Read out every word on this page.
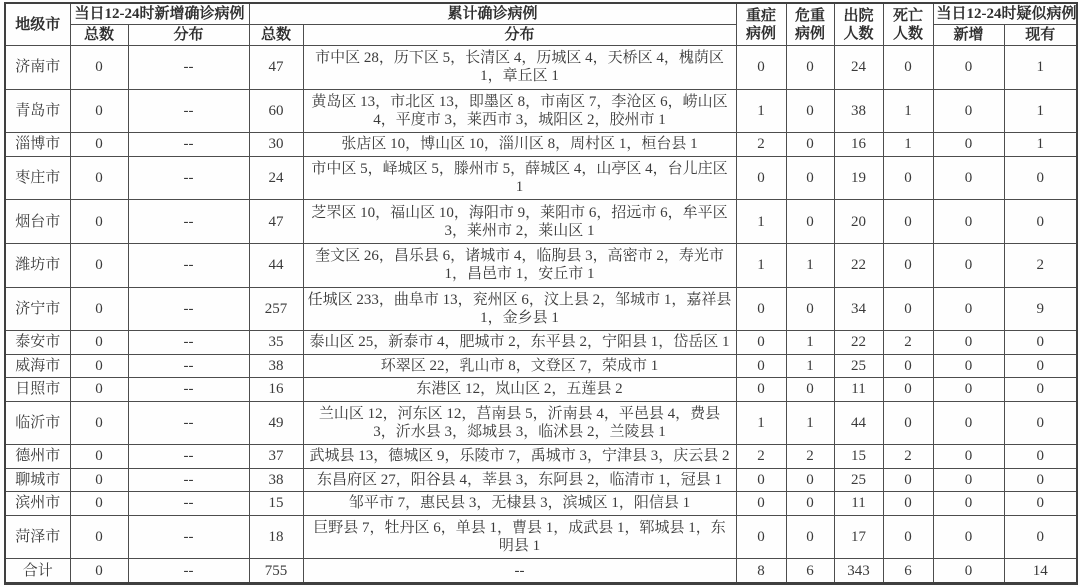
地级市	当日12-24时新增确诊病例		累计确诊病例		重症病例	危重病例	出院人数	死亡人数	当日12-24时疑似病例	
	总数	分布	总数	分布					新增	现有
济南市	0	--	47	市中区 28，历下区 5，长清区 4，历城区 4，天桥区 4，槐荫区 1，章丘区 1	0	0	24	0	0	1
青岛市	0	--	60	黄岛区 13，市北区 13，即墨区 8，市南区 7，李沧区 6，崂山区 4，平度市 3，莱西市 3，城阳区 2，胶州市 1	1	0	38	1	0	1
淄博市	0	--	30	张店区 10，博山区 10，淄川区 8，周村区 1，桓台县 1	2	0	16	1	0	1
枣庄市	0	--	24	市中区 5，峄城区 5，滕州市 5，薛城区 4，山亭区 4，台儿庄区 1	0	0	19	0	0	0
烟台市	0	--	47	芝罘区 10，福山区 10，海阳市 9，莱阳市 6，招远市 6，牟平区 3，莱州市 2，莱山区 1	1	0	20	0	0	0
潍坊市	0	--	44	奎文区 26，昌乐县 6，诸城市 4，临朐县 3，高密市 2，寿光市 1，昌邑市 1，安丘市 1	1	1	22	0	0	2
济宁市	0	--	257	任城区 233，曲阜市 13，兖州区 6，汶上县 2，邹城市 1，嘉祥县 1，金乡县 1	0	0	34	0	0	9
泰安市	0	--	35	泰山区 25，新泰市 4，肥城市 2，东平县 2，宁阳县 1，岱岳区 1	0	1	22	2	0	0
威海市	0	--	38	环翠区 22，乳山市 8，文登区 7，荣成市 1	0	1	25	0	0	0
日照市	0	--	16	东港区 12，岚山区 2，五莲县 2	0	0	11	0	0	0
临沂市	0	--	49	兰山区 12，河东区 12，莒南县 5，沂南县 4，平邑县 4，费县 3，沂水县 3，郯城县 3，临沭县 2，兰陵县 1	1	1	44	0	0	0
德州市	0	--	37	武城县 13，德城区 9，乐陵市 7，禹城市 3，宁津县 3，庆云县 2	2	2	15	2	0	0
聊城市	0	--	38	东昌府区 27，阳谷县 4，莘县 3，东阿县 2，临清市 1，冠县 1	0	0	25	0	0	0
滨州市	0	--	15	邹平市 7，惠民县 3，无棣县 3，滨城区 1，阳信县 1	0	0	11	0	0	0
菏泽市	0	--	18	巨野县 7，牡丹区 6，单县 1，曹县 1，成武县 1，郓城县 1，东明县 1	0	0	17	0	0	0
合计	0	--	755	--	8	6	343	6	0	14
